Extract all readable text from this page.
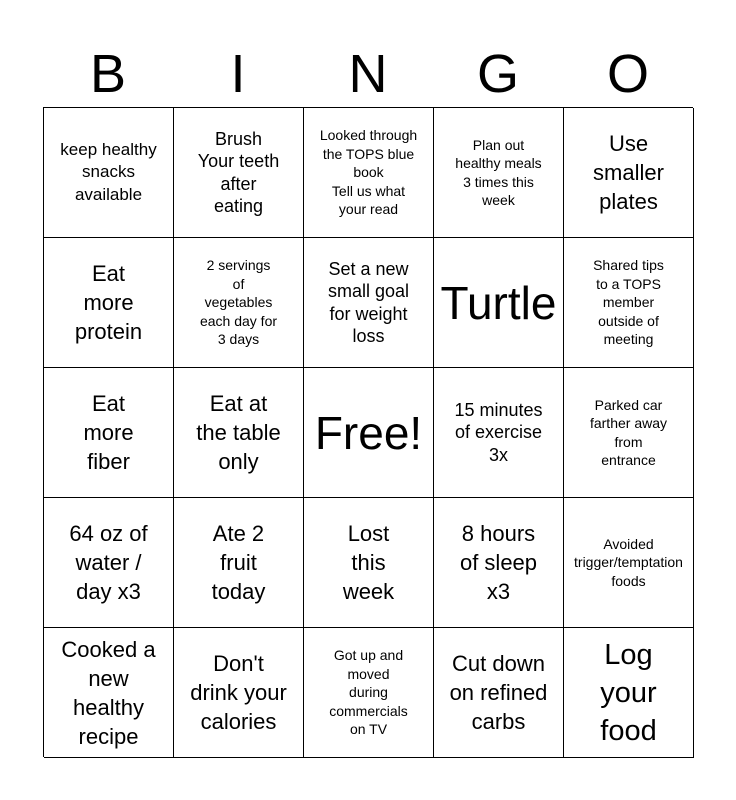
B	I	N	G	O
keep healthy
snacks
available
Brush
Your teeth
after
eating
Looked through
the TOPS blue
book
Tell us what
your read
Plan out
healthy meals
3 times this
week
Use
smaller
plates
Eat
more
protein
2 servings
of
vegetables
each day for
3 days
Set a new
small goal
for weight
loss
Turtle
Shared tips
to a TOPS
member
outside of
meeting
Eat
more
fiber
Eat at
the table
only
Free! 15 minutes
of exercise
3x
Parked car
farther away
from
entrance
64 oz of
water /
day x3
Ate 2
fruit
today
Lost
this
week
8 hours
of sleep
x3
Avoided
trigger/temptation
foods
Cooked a
new
healthy
recipe
Don't
drink your
calories
Got up and
moved
during
commercials
on TV
Cut down
on refined
carbs
Log
your
food
